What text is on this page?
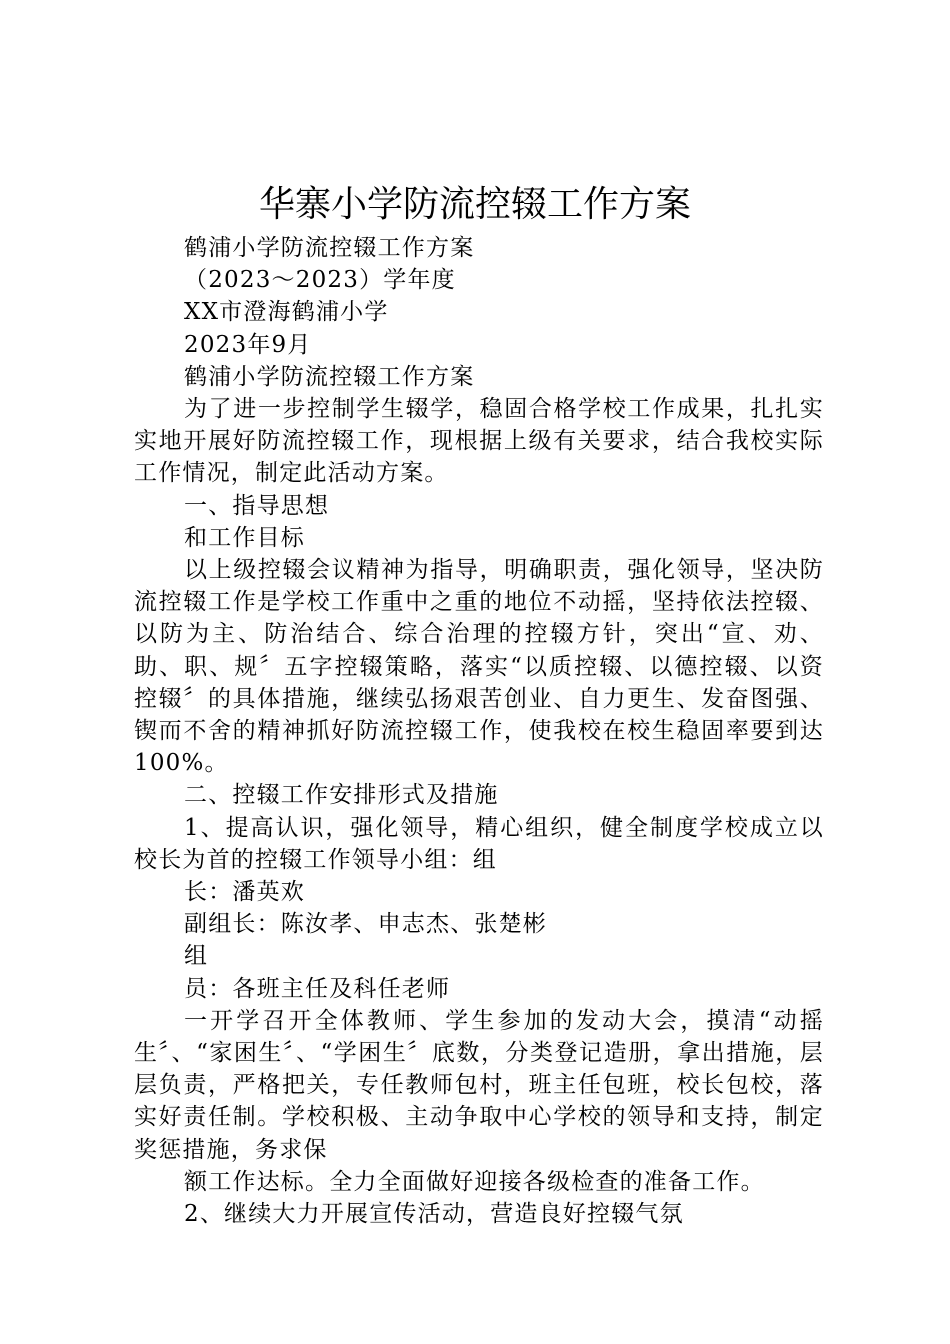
华寨小学防流控辍工作方案

鹤浦小学防流控辍工作方案

（2023～2023）学年度

XX市澄海鹤浦小学

2023年9月

鹤浦小学防流控辍工作方案

为了进一步控制学生辍学，稳固合格学校工作成果，扎扎实实地开展好防流控辍工作，现根据上级有关要求，结合我校实际工作情况，制定此活动方案。

一、指导思想

和工作目标

以上级控辍会议精神为指导，明确职责，强化领导，坚决防流控辍工作是学校工作重中之重的地位不动摇，坚持依法控辍、以防为主、防治结合、综合治理的控辍方针，突出“宣、劝、助、职、规〞五字控辍策略，落实“以质控辍、以德控辍、以资控辍〞的具体措施，继续弘扬艰苦创业、自力更生、发奋图强、锲而不舍的精神抓好防流控辍工作，使我校在校生稳固率要到达100%。

二、控辍工作安排形式及措施

1、提高认识，强化领导，精心组织，健全制度学校成立以校长为首的控辍工作领导小组：组

长：潘英欢

副组长：陈汝孝、申志杰、张楚彬

组

员：各班主任及科任老师

一开学召开全体教师、学生参加的发动大会，摸清“动摇生〞、“家困生〞、“学困生〞底数，分类登记造册，拿出措施，层层负责，严格把关，专任教师包村，班主任包班，校长包校，落实好责任制。学校积极、主动争取中心学校的领导和支持，制定奖惩措施，务求保

额工作达标。全力全面做好迎接各级检查的准备工作。

2、继续大力开展宣传活动，营造良好控辍气氛
